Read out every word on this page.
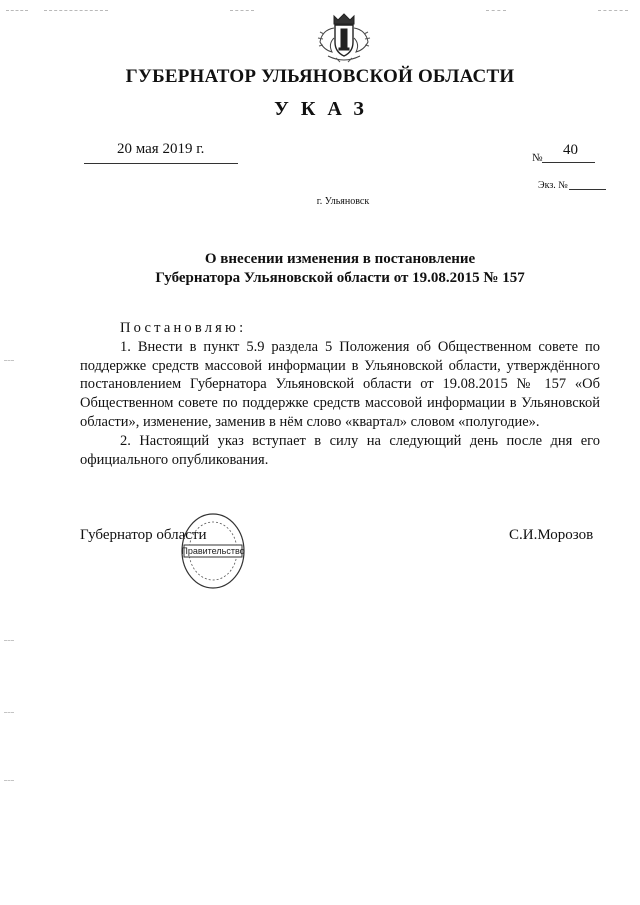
ГУБЕРНАТОР УЛЬЯНОВСКОЙ ОБЛАСТИ
УКАЗ
20 мая 2019 г.
№ 40
Экз. №
г. Ульяновск
О внесении изменения в постановление
Губернатора Ульяновской области от 19.08.2015 № 157

Постановляю:

1. Внести в пункт 5.9 раздела 5 Положения об Общественном совете по поддержке средств массовой информации в Ульяновской области, утверждённого постановлением Губернатора Ульяновской области от 19.08.2015 № 157 «Об Общественном совете по поддержке средств массовой информации в Ульяновской области», изменение, заменив в нём слово «квартал» словом «полугодие».

2. Настоящий указ вступает в силу на следующий день после дня его официального опубликования.

Губернатор области	С.И.Морозов
Правительство
